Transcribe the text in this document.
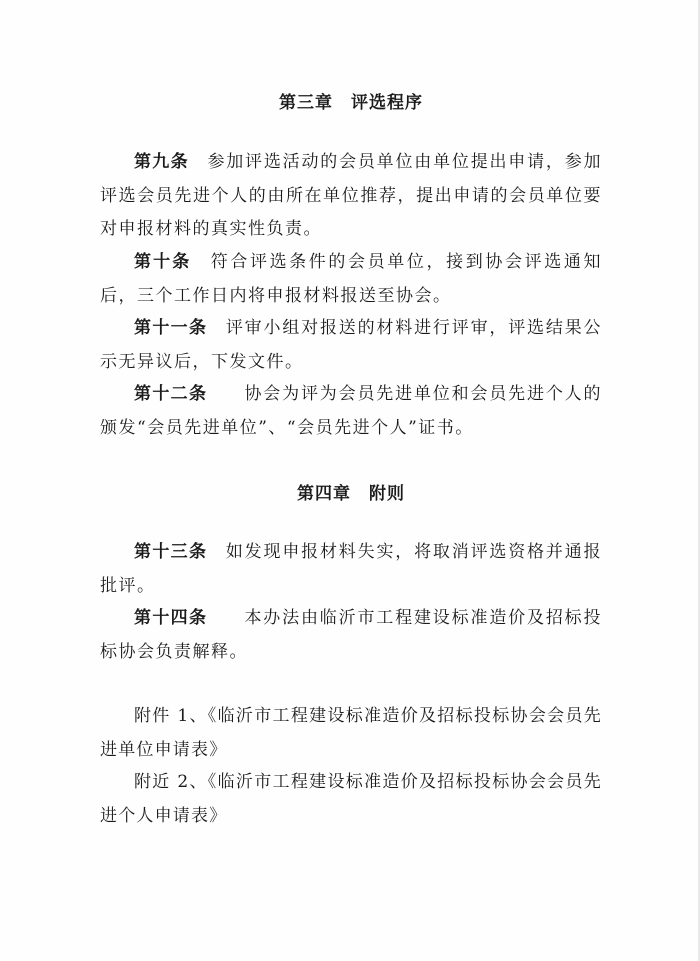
第三章　评选程序
第九条　 参加评选活动的会员单位由单位提出申请，参加评选会员先进个人的由所在单位推荐，提出申请的会员单位要对申报材料的真实性负责。
第十条　 符合评选条件的会员单位，接到协会评选通知后，三个工作日内将申报材料报送至协会。
第十一条　 评审小组对报送的材料进行评审，评选结果公示无异议后，下发文件。
第十二条　　 协会为评为会员先进单位和会员先进个人的颁发“会员先进单位”、“会员先进个人”证书。
第四章　附则
第十三条　 如发现申报材料失实，将取消评选资格并通报批评。
第十四条　　 本办法由临沂市工程建设标准造价及招标投标协会负责解释。
附件 1、《临沂市工程建设标准造价及招标投标协会会员先进单位申请表》
附近 2、《临沂市工程建设标准造价及招标投标协会会员先进个人申请表》
